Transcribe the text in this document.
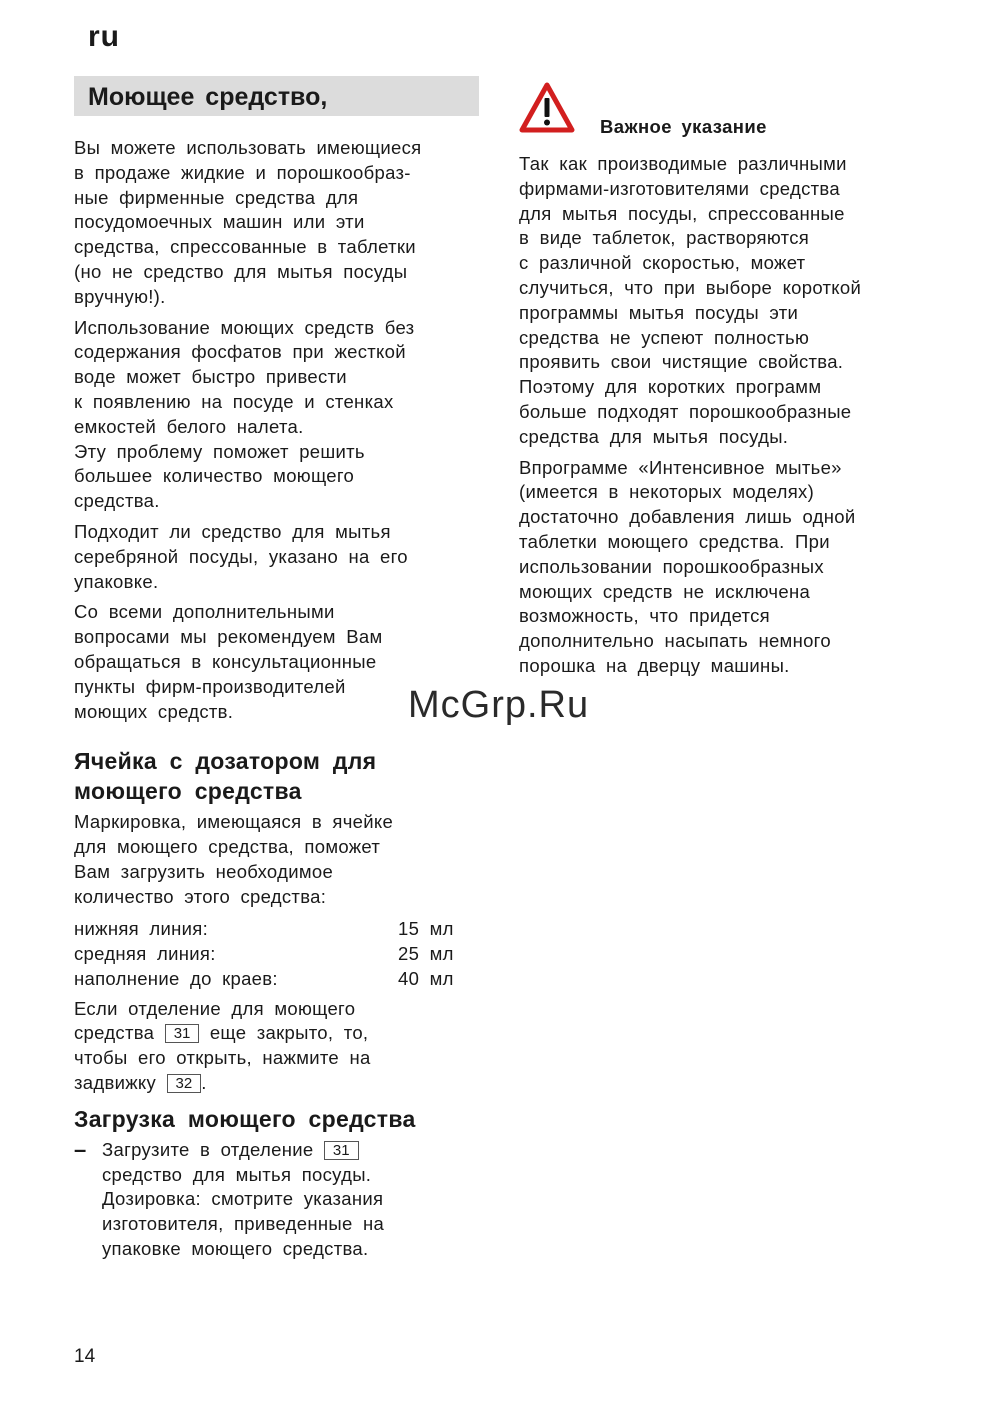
ru
Моющее средство,
Вы можете использовать имеющиеся
в продаже жидкие и порошкообраз-
ные фирменные средства для
посудомоечных машин или эти
средства, спрессованные в таблетки
(но не средство для мытья посуды
вручную!).
Использование моющих средств без
содержания фосфатов при жесткой
воде может быстро привести
к появлению на посуде и стенках
емкостей белого налета.
Эту проблему поможет решить
большее количество моющего
средства.
Подходит ли средство для мытья
серебряной посуды, указано на его
упаковке.
Со всеми дополнительными
вопросами мы рекомендуем Вам
обращаться в консультационные
пункты фирм-производителей
моющих средств.
Ячейка с дозатором для
моющего средства
Маркировка, имеющаяся в ячейке
для моющего средства, поможет
Вам загрузить необходимое
количество этого средства:
нижняя линия:	15 мл
средняя линия:	25 мл
наполнение до краев:	40 мл
Если отделение для моющего
средства 31 еще закрыто, то,
чтобы его открыть, нажмите на
задвижку 32 .
Загрузка моющего средства
– Загрузите в отделение 31
средство для мытья посуды.
Дозировка: смотрите указания
изготовителя, приведенные на
упаковке моющего средства.
Важное указание
Так как производимые различными
фирмами-изготовителями средства
для мытья посуды, спрессованные
в виде таблеток, растворяются
с различной скоростью, может
случиться, что при выборе короткой
программы мытья посуды эти
средства не успеют полностью
проявить свои чистящие свойства.
Поэтому для коротких программ
больше подходят порошкообразные
средства для мытья посуды.
Впрограмме «Интенсивное мытье»
(имеется в некоторых моделях)
достаточно добавления лишь одной
таблетки моющего средства. При
использовании порошкообразных
моющих средств не исключена
возможность, что придется
дополнительно насыпать немного
порошка на дверцу машины.
McGrp.Ru
14
